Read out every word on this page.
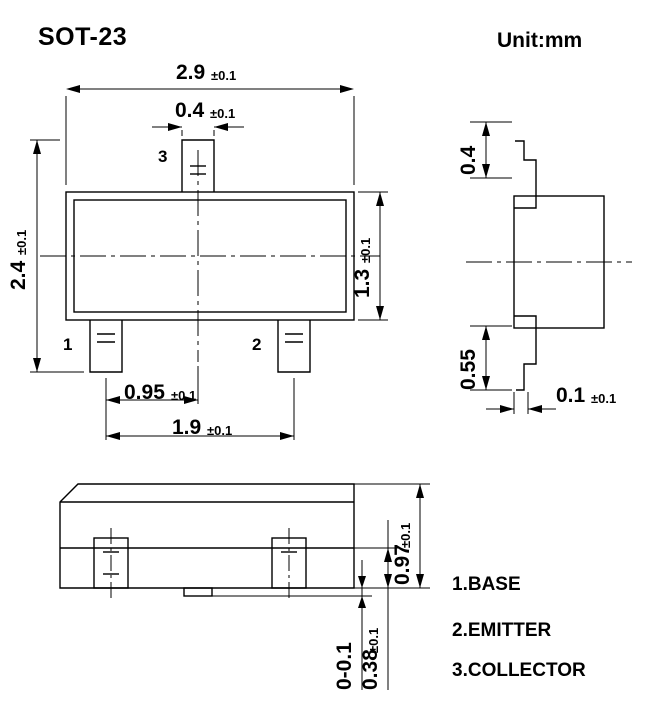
SOT-23	Unit:mm
2.9 ±0.1
0.4 ±0.1
2.4
±0.1
1.3
±0.1
0.95 ±0.1
1.9 ±0.1
0.4
0.55
0.1 ±0.1
0.97
±0.1
0.38
±0.1
0-0.1
1	2
3
1.BASE
2.EMITTER
3.COLLECTOR
